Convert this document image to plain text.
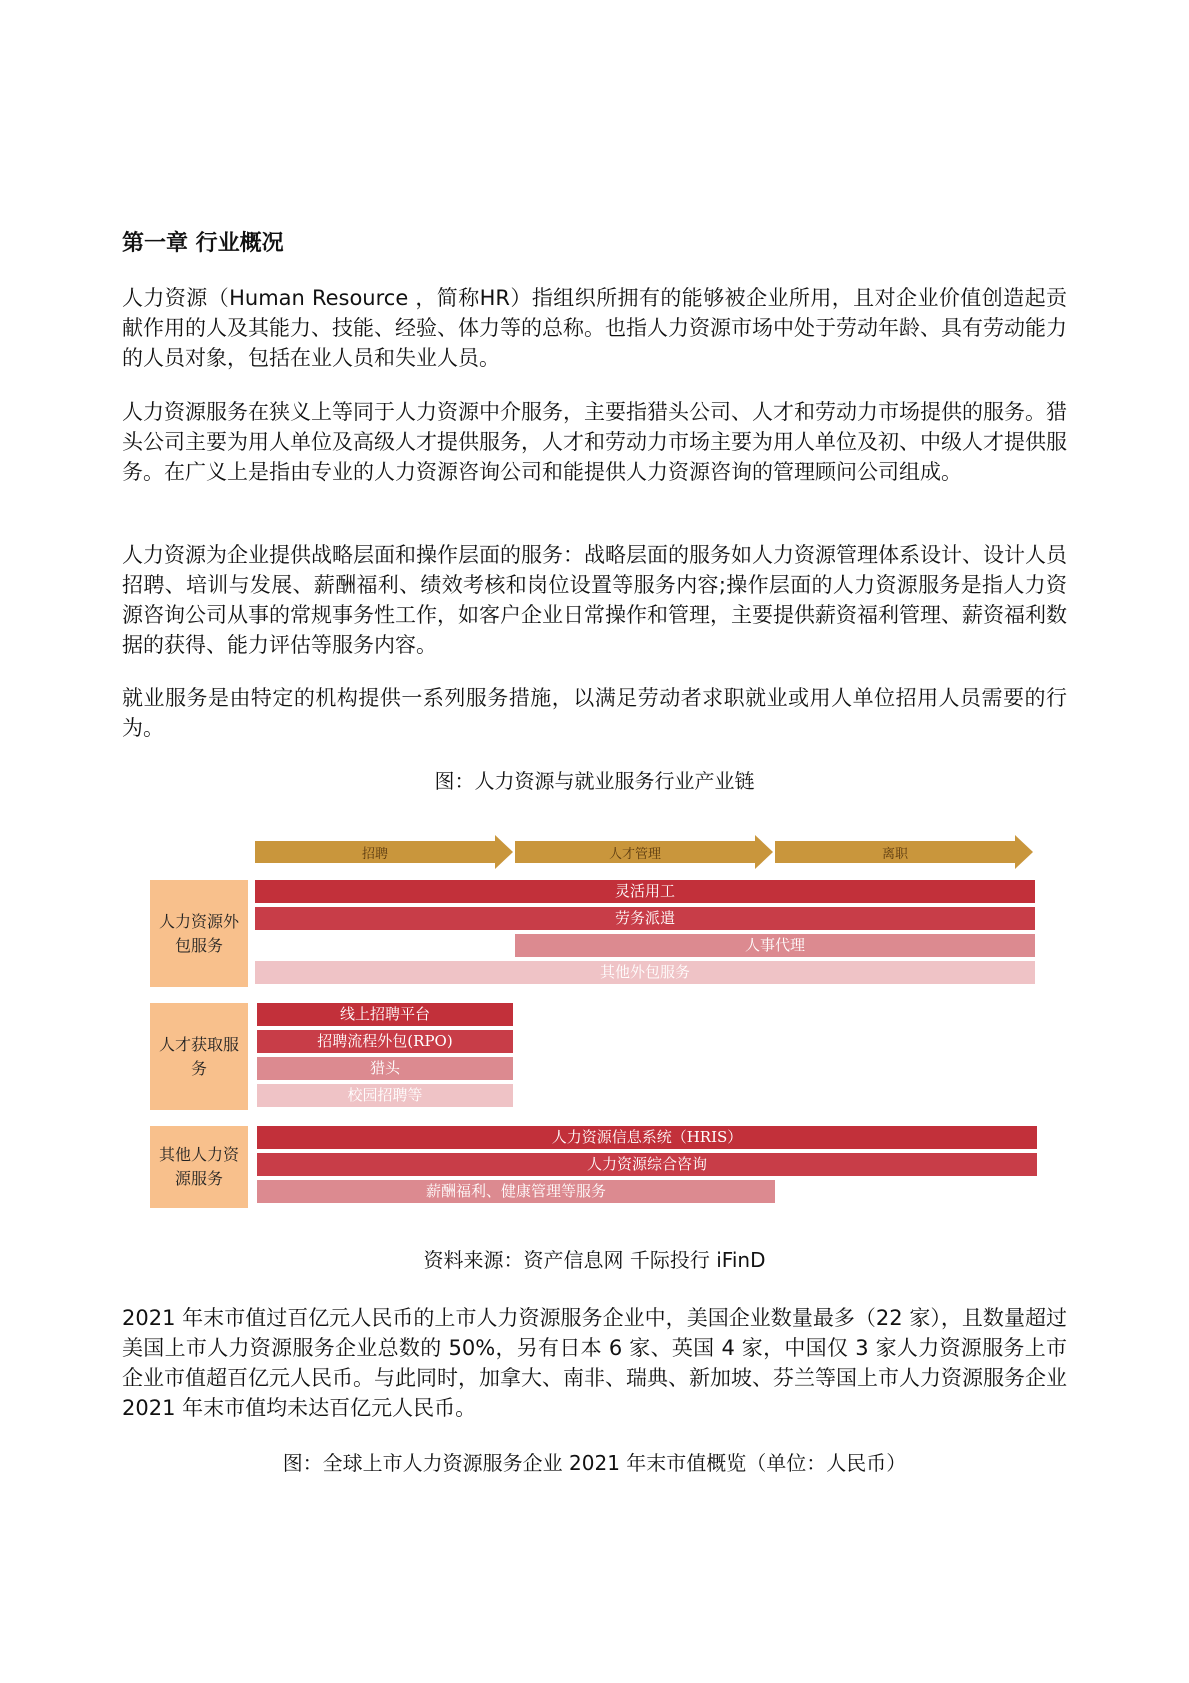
第一章 行业概况
人力资源（Human Resource ，简称HR）指组织所拥有的能够被企业所用，且对企业价值创造起贡献作用的人及其能力、技能、经验、体力等的总称。也指人力资源市场中处于劳动年龄、具有劳动能力的人员对象，包括在业人员和失业人员。
人力资源服务在狭义上等同于人力资源中介服务，主要指猎头公司、人才和劳动力市场提供的服务。猎头公司主要为用人单位及高级人才提供服务，人才和劳动力市场主要为用人单位及初、中级人才提供服务。在广义上是指由专业的人力资源咨询公司和能提供人力资源咨询的管理顾问公司组成。
人力资源为企业提供战略层面和操作层面的服务：战略层面的服务如人力资源管理体系设计、设计人员招聘、培训与发展、薪酬福利、绩效考核和岗位设置等服务内容;操作层面的人力资源服务是指人力资源咨询公司从事的常规事务性工作，如客户企业日常操作和管理，主要提供薪资福利管理、薪资福利数据的获得、能力评估等服务内容。
就业服务是由特定的机构提供一系列服务措施，以满足劳动者求职就业或用人单位招用人员需要的行为。
图：人力资源与就业服务行业产业链
招聘	人才管理	离职
人力资源外包服务
灵活用工
劳务派遣
人事代理
其他外包服务
人才获取服务
线上招聘平台
招聘流程外包(RPO)
猎头
校园招聘等
其他人力资源服务
人力资源信息系统（HRIS）
人力资源综合咨询
薪酬福利、健康管理等服务
资料来源：资产信息网 千际投行 iFinD
2021 年末市值过百亿元人民币的上市人力资源服务企业中，美国企业数量最多（22 家），且数量超过美国上市人力资源服务企业总数的 50%，另有日本 6 家、英国 4 家，中国仅 3 家人力资源服务上市企业市值超百亿元人民币。与此同时，加拿大、南非、瑞典、新加坡、芬兰等国上市人力资源服务企业 2021 年末市值均未达百亿元人民币。
图：全球上市人力资源服务企业 2021 年末市值概览（单位：人民币）
